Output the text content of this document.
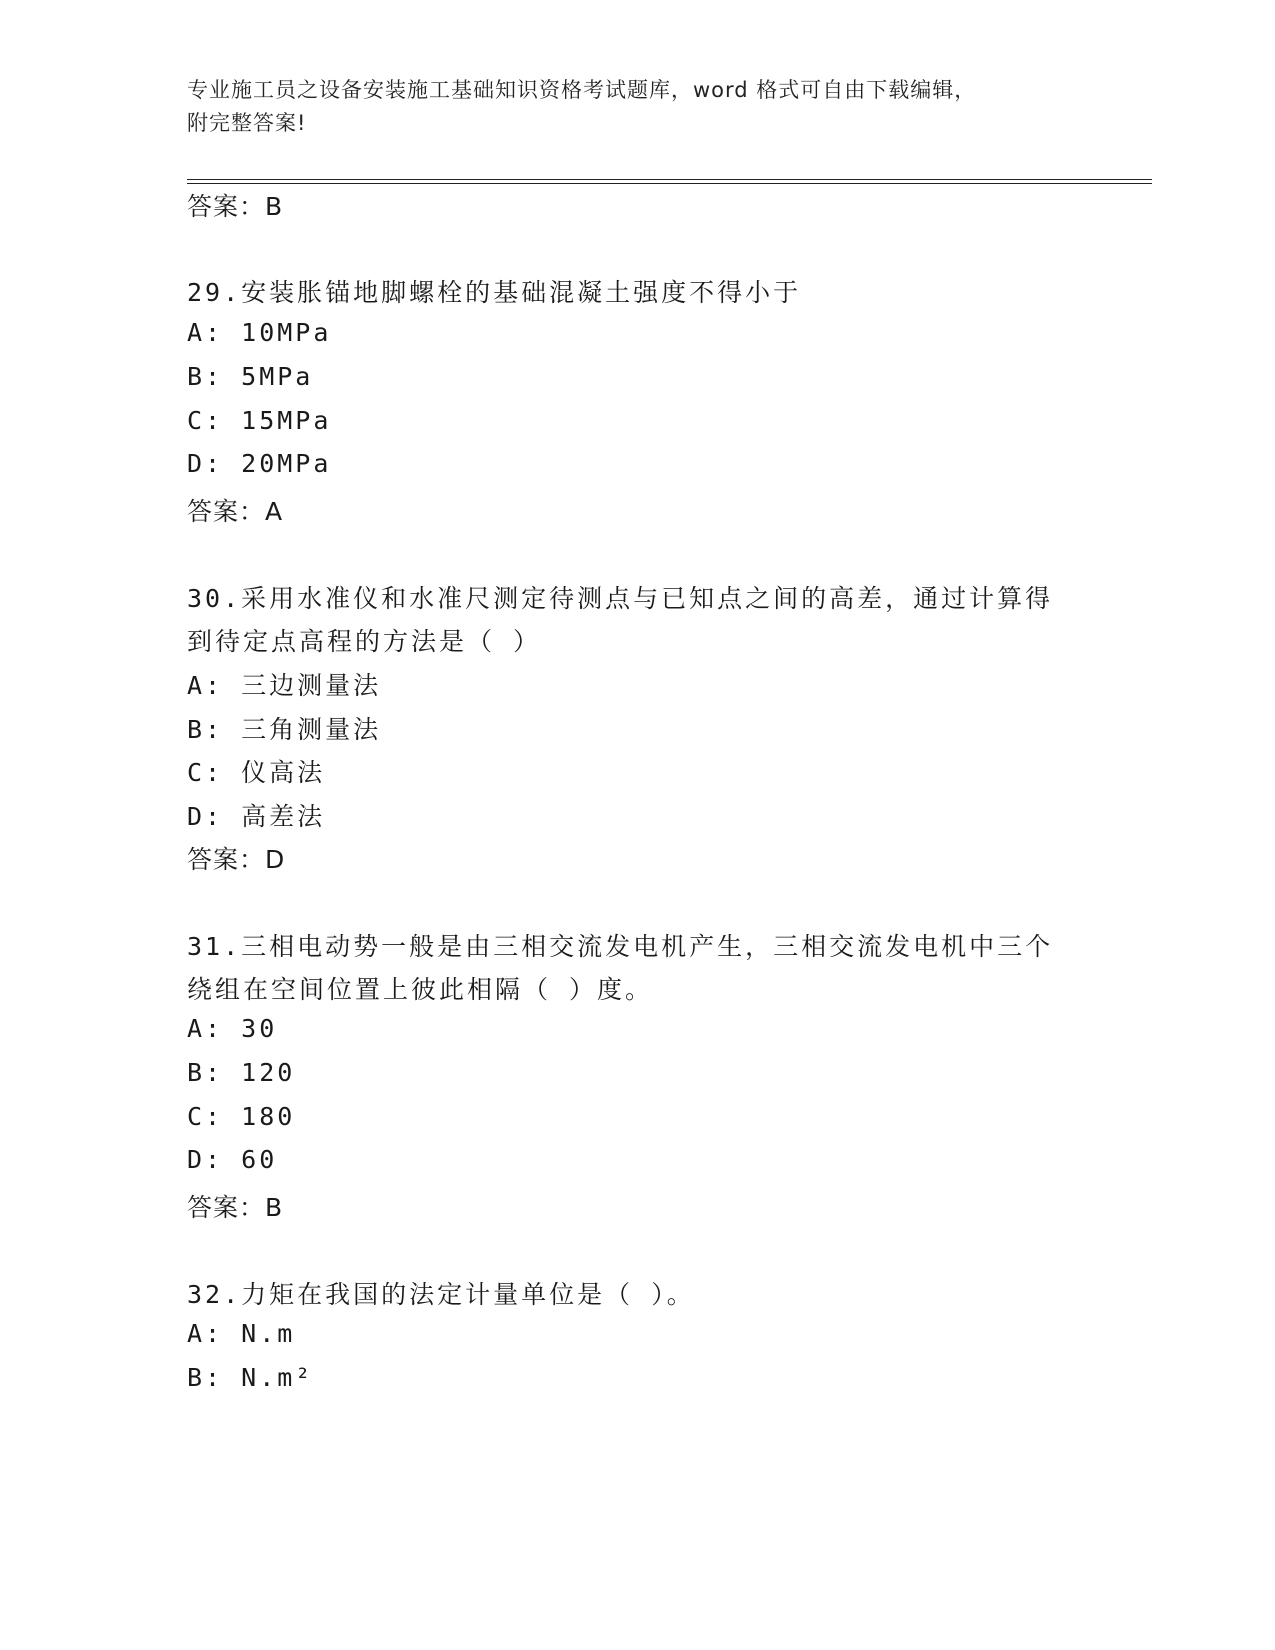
专业施工员之设备安装施工基础知识资格考试题库，word 格式可自由下载编辑，
附完整答案!
答案：B
29.安装胀锚地脚螺栓的基础混凝土强度不得小于
A: 10MPa
B: 5MPa
C: 15MPa
D: 20MPa
答案：A
30.采用水准仪和水准尺测定待测点与已知点之间的高差，通过计算得
到待定点高程的方法是（ ）
A: 三边测量法
B: 三角测量法
C: 仪高法
D: 高差法
答案：D
31.三相电动势一般是由三相交流发电机产生，三相交流发电机中三个
绕组在空间位置上彼此相隔（ ）度。
A: 30
B: 120
C: 180
D: 60
答案：B
32.力矩在我国的法定计量单位是（ ）。
A: N.m
B: N.m²
